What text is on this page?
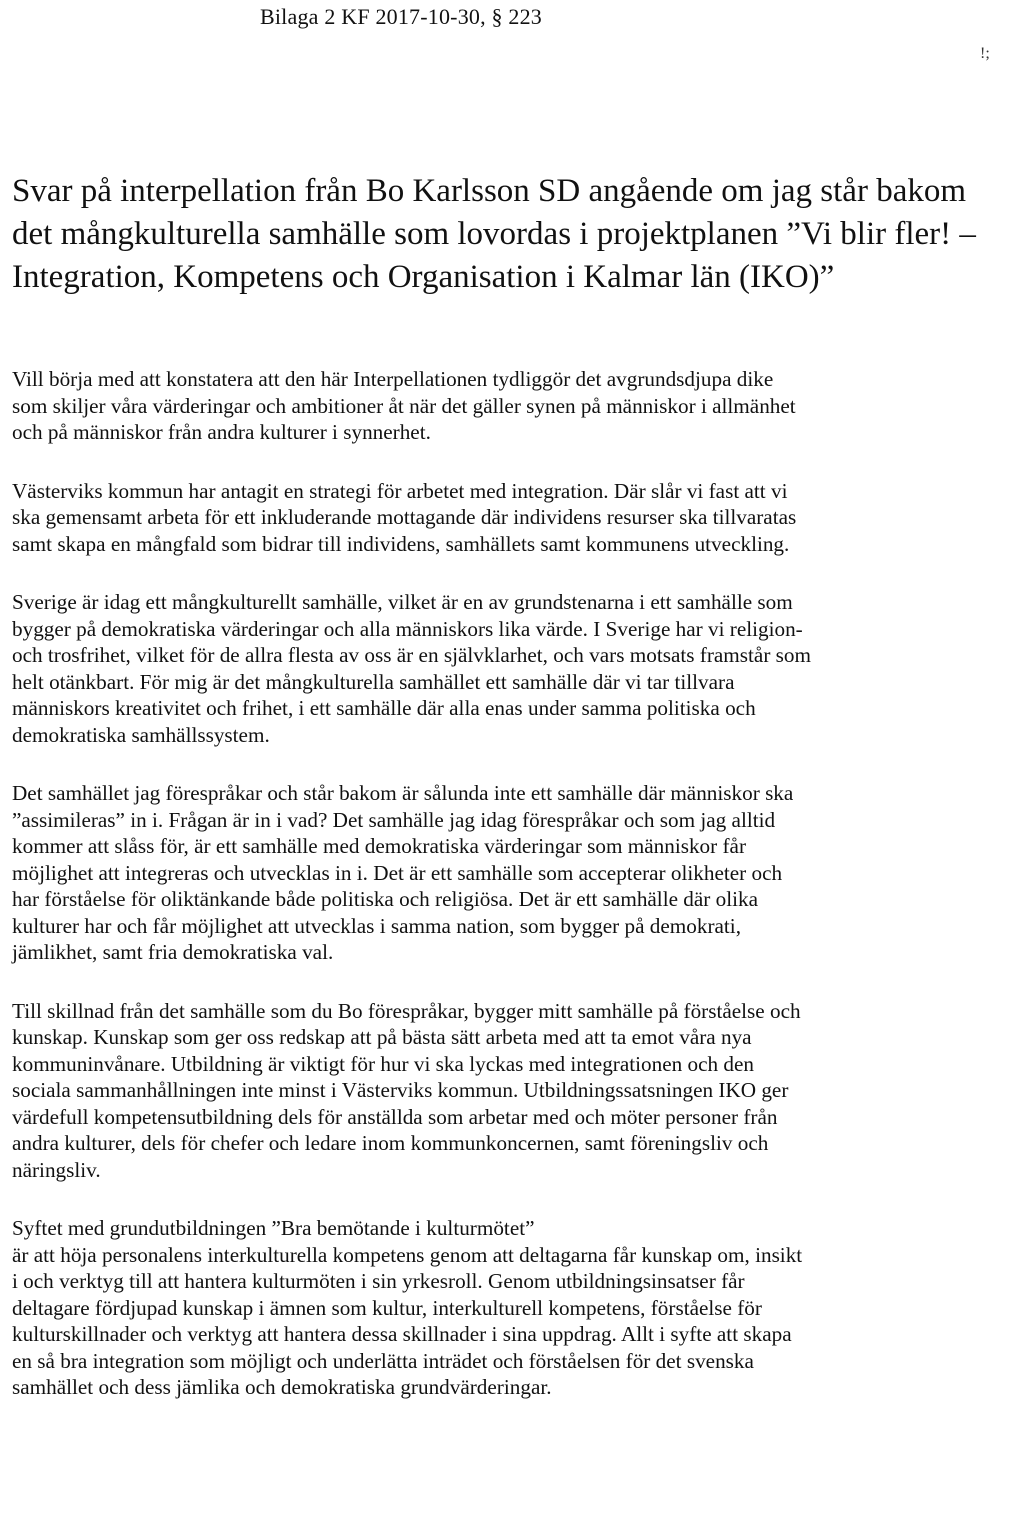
Bilaga 2 KF 2017-10-30, § 223
!;
Svar på interpellation från Bo Karlsson SD angående om jag står bakom det mångkulturella samhälle som lovordas i projektplanen ”Vi blir fler! – Integration, Kompetens och Organisation i Kalmar län (IKO)”

Vill börja med att konstatera att den här Interpellationen tydliggör det avgrundsdjupa dike
som skiljer våra värderingar och ambitioner åt när det gäller synen på människor i allmänhet
och på människor från andra kulturer i synnerhet.

Västerviks kommun har antagit en strategi för arbetet med integration. Där slår vi fast att vi
ska gemensamt arbeta för ett inkluderande mottagande där individens resurser ska tillvaratas
samt skapa en mångfald som bidrar till individens, samhällets samt kommunens utveckling.

Sverige är idag ett mångkulturellt samhälle, vilket är en av grundstenarna i ett samhälle som
bygger på demokratiska värderingar och alla människors lika värde. I Sverige har vi religion-
och trosfrihet, vilket för de allra flesta av oss är en självklarhet, och vars motsats framstår som
helt otänkbart. För mig är det mångkulturella samhället ett samhälle där vi tar tillvara
människors kreativitet och frihet, i ett samhälle där alla enas under samma politiska och
demokratiska samhällssystem.

Det samhället jag förespråkar och står bakom är sålunda inte ett samhälle där människor ska
”assimileras” in i. Frågan är in i vad? Det samhälle jag idag förespråkar och som jag alltid
kommer att slåss för, är ett samhälle med demokratiska värderingar som människor får
möjlighet att integreras och utvecklas in i. Det är ett samhälle som accepterar olikheter och
har förståelse för oliktänkande både politiska och religiösa. Det är ett samhälle där olika
kulturer har och får möjlighet att utvecklas i samma nation, som bygger på demokrati,
jämlikhet, samt fria demokratiska val.

Till skillnad från det samhälle som du Bo förespråkar, bygger mitt samhälle på förståelse och
kunskap. Kunskap som ger oss redskap att på bästa sätt arbeta med att ta emot våra nya
kommuninvånare. Utbildning är viktigt för hur vi ska lyckas med integrationen och den
sociala sammanhållningen inte minst i Västerviks kommun. Utbildningssatsningen IKO ger
värdefull kompetensutbildning dels för anställda som arbetar med och möter personer från
andra kulturer, dels för chefer och ledare inom kommunkoncernen, samt föreningsliv och
näringsliv.

Syftet med grundutbildningen ”Bra bemötande i kulturmötet”
är att höja personalens interkulturella kompetens genom att deltagarna får kunskap om, insikt
i och verktyg till att hantera kulturmöten i sin yrkesroll. Genom utbildningsinsatser får
deltagare fördjupad kunskap i ämnen som kultur, interkulturell kompetens, förståelse för
kulturskillnader och verktyg att hantera dessa skillnader i sina uppdrag. Allt i syfte att skapa
en så bra integration som möjligt och underlätta inträdet och förståelsen för det svenska
samhället och dess jämlika och demokratiska grundvärderingar.
